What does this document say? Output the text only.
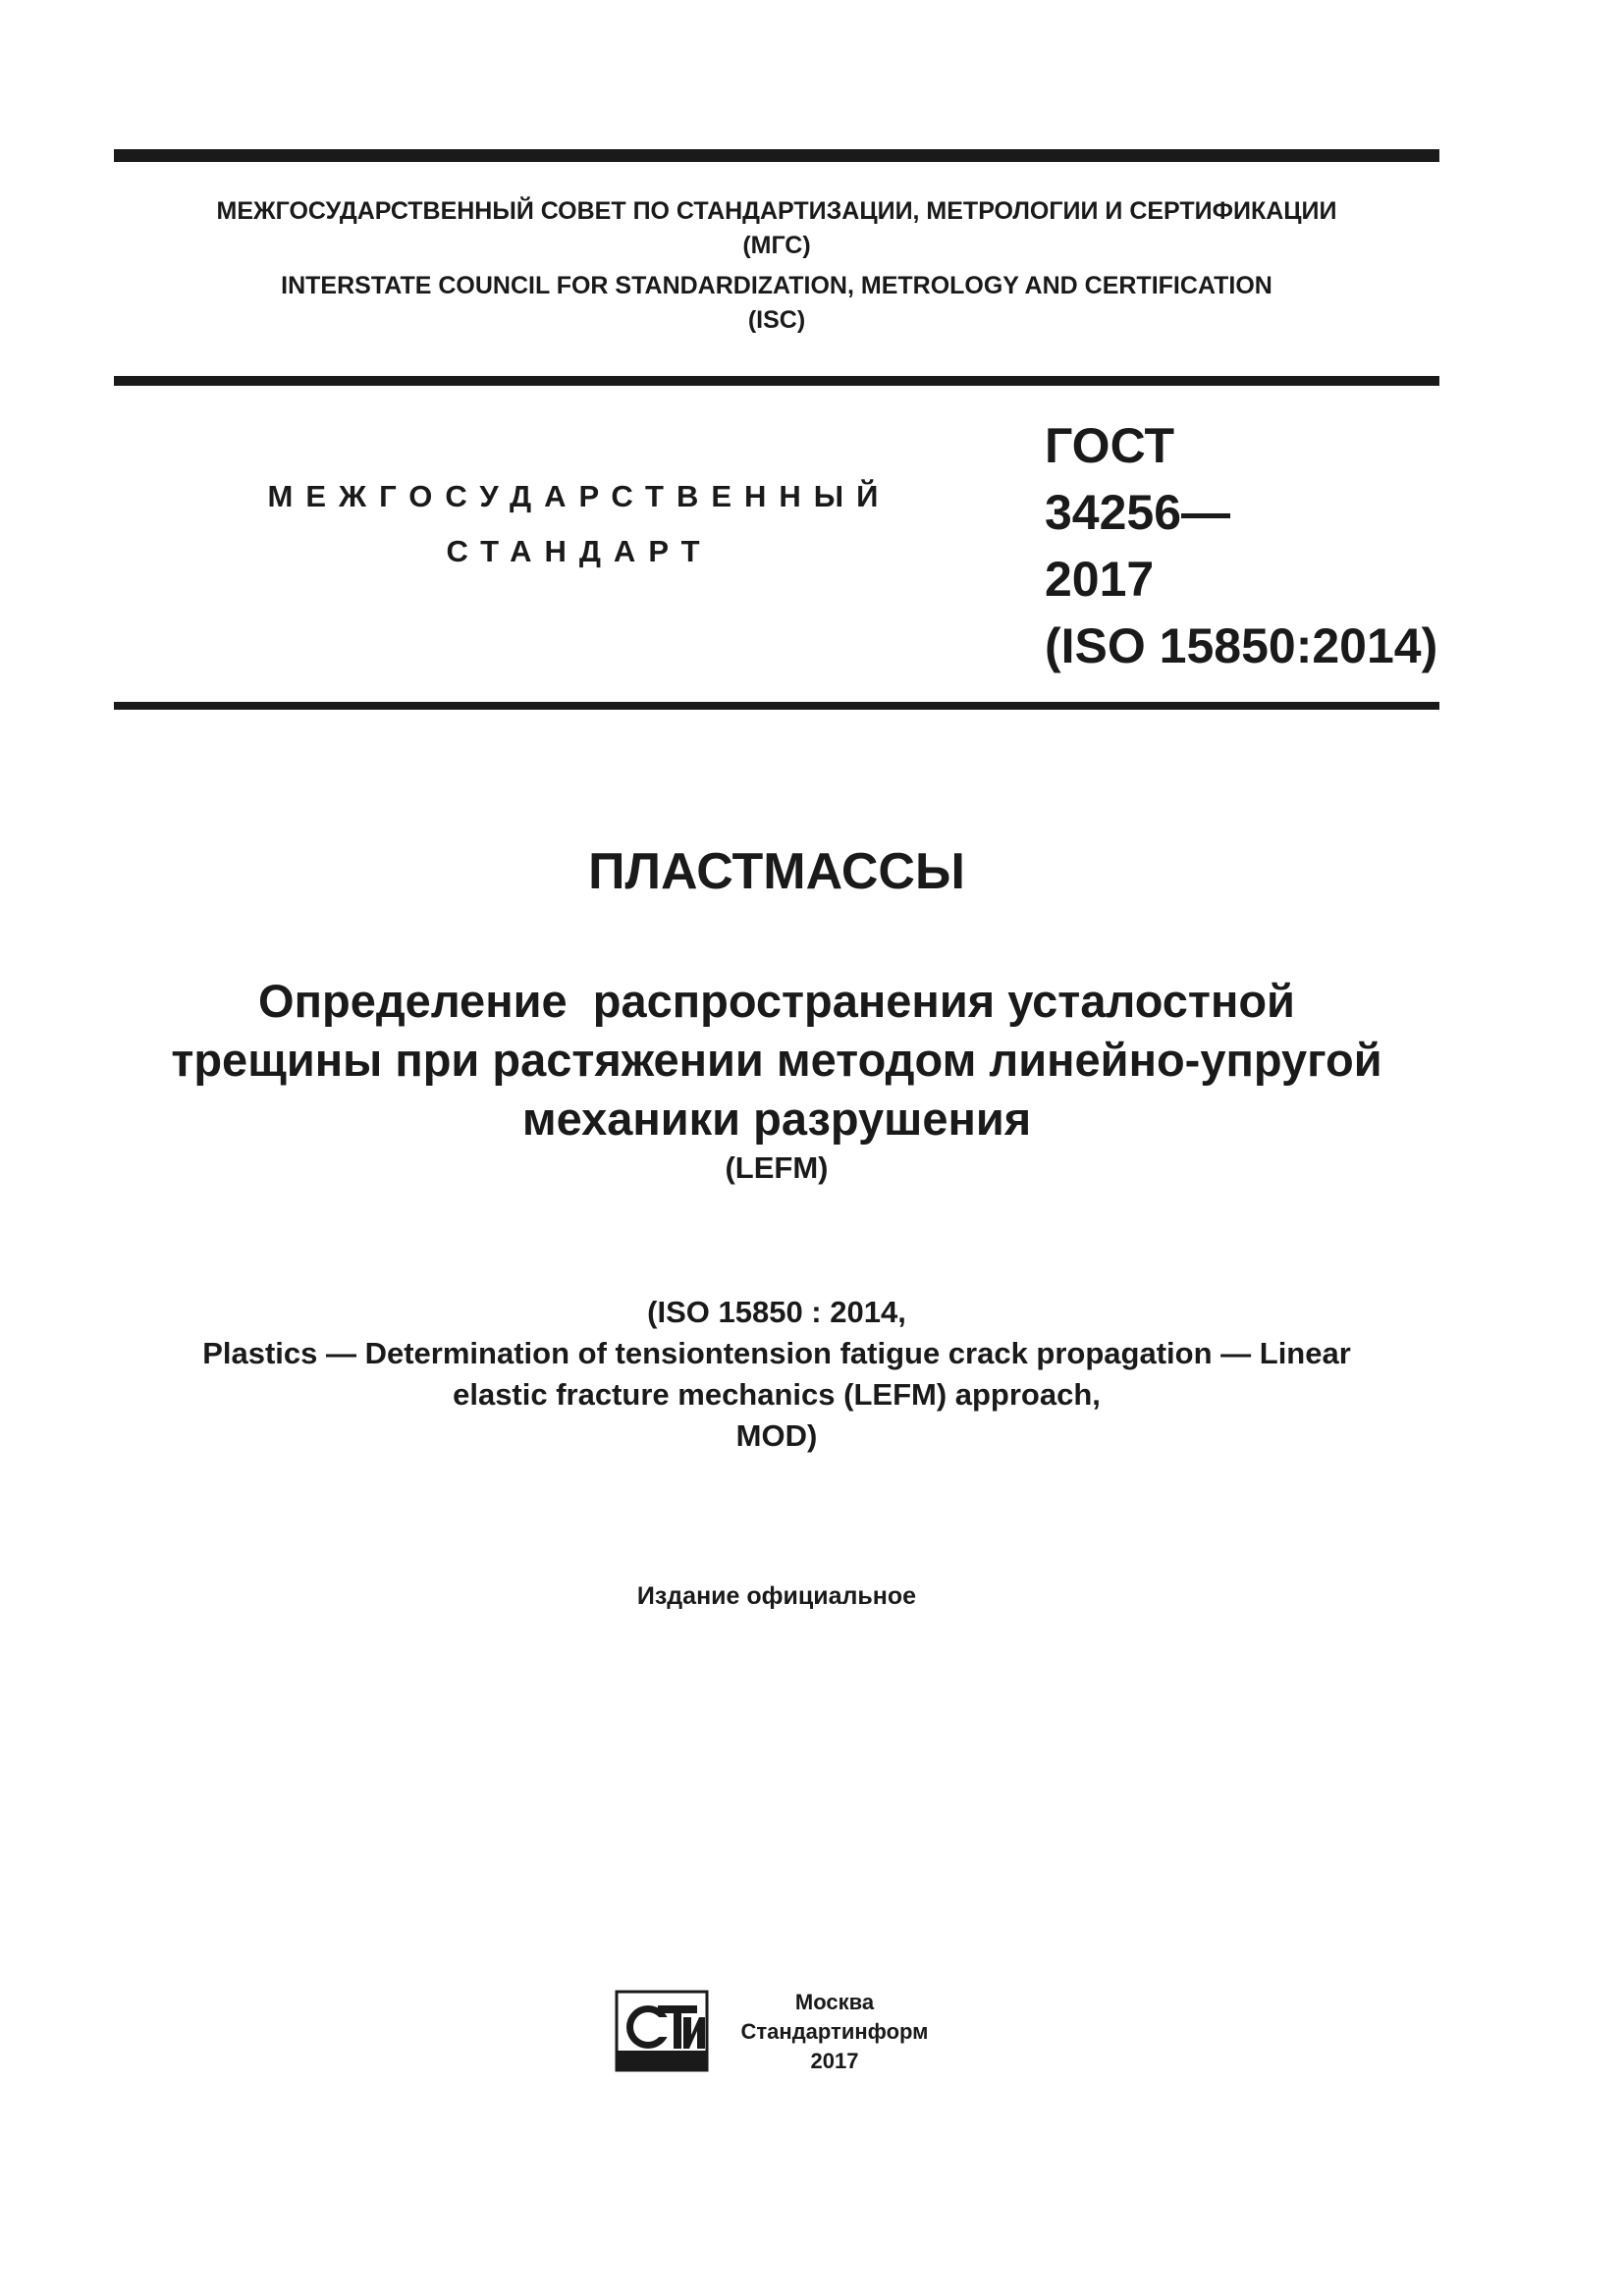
МЕЖГОСУДАРСТВЕННЫЙ СОВЕТ ПО СТАНДАРТИЗАЦИИ, МЕТРОЛОГИИ И СЕРТИФИКАЦИИ

(МГС)

INTERSTATE COUNCIL FOR STANDARDIZATION, METROLOGY AND CERTIFICATION

(ISC)

МЕЖГОСУДАРСТВЕННЫЙ
СТАНДАРТ
ГОСТ
34256—
2017
(ISO 15850:2014)
ПЛАСТМАССЫ
Определение  распространения усталостной
трещины при растяжении методом линейно-упругой
механики разрушения
(LEFM)
(ISO 15850 : 2014,
Plastics — Determination of tensiontension fatigue crack propagation — Linear
elastic fracture mechanics (LEFM) approach,
MOD)
Издание официальное
Москва
Стандартинформ
2017
